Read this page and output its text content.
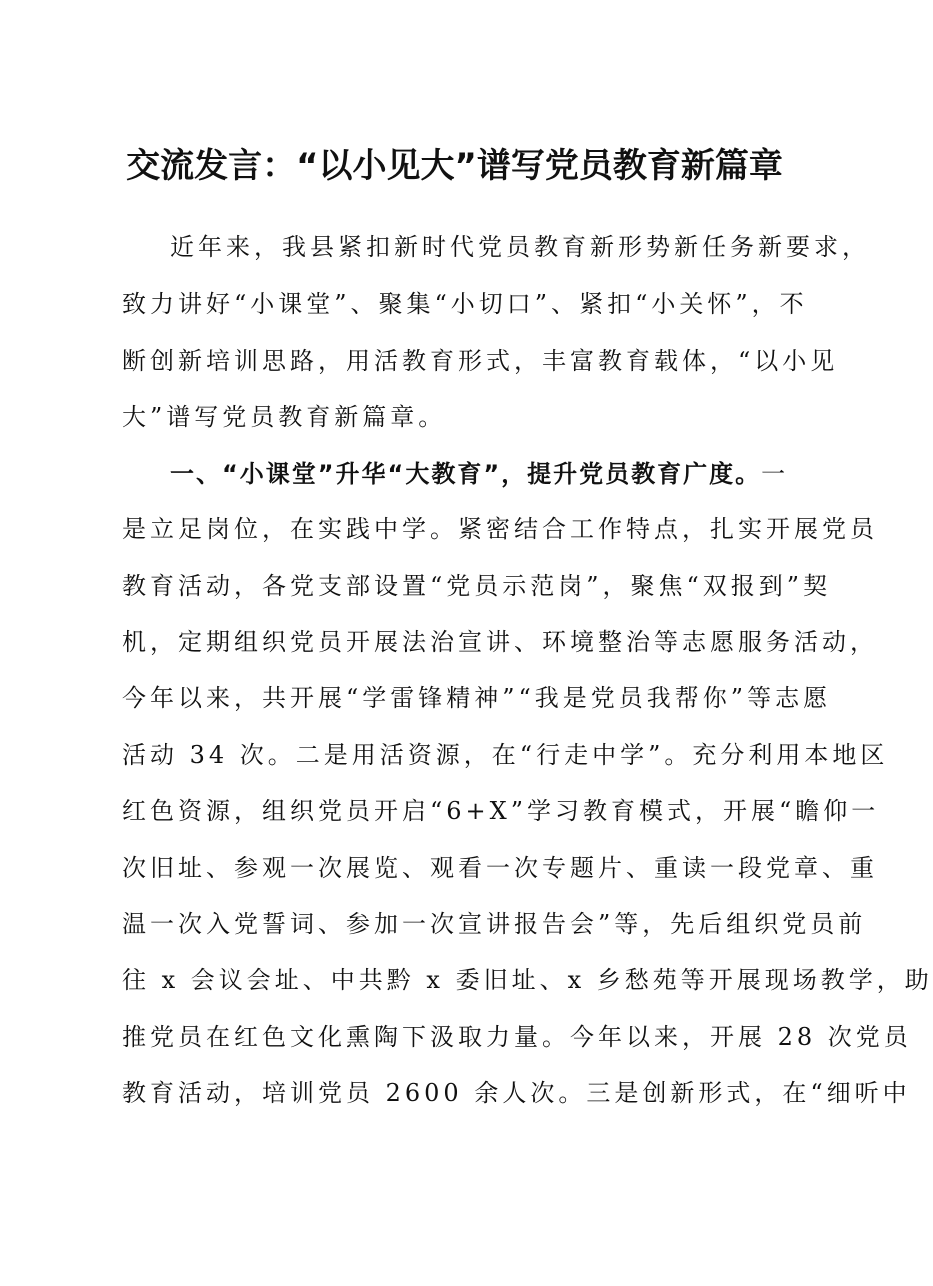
交流发言：“以小见大”谱写党员教育新篇章
近年来，我县紧扣新时代党员教育新形势新任务新要求，
致力讲好“小课堂”、聚集“小切口”、紧扣“小关怀”，不
断创新培训思路，用活教育形式，丰富教育载体，“以小见
大”谱写党员教育新篇章。
一、“小课堂”升华“大教育”，提升党员教育广度。一
是立足岗位，在实践中学。紧密结合工作特点，扎实开展党员
教育活动，各党支部设置“党员示范岗”，聚焦“双报到”契
机，定期组织党员开展法治宣讲、环境整治等志愿服务活动，
今年以来，共开展“学雷锋精神”“我是党员我帮你”等志愿
活动 34 次。二是用活资源，在“行走中学”。充分利用本地区
红色资源，组织党员开启“6+X”学习教育模式，开展“瞻仰一
次旧址、参观一次展览、观看一次专题片、重读一段党章、重
温一次入党誓词、参加一次宣讲报告会”等，先后组织党员前
往 x 会议会址、中共黔 x 委旧址、x 乡愁苑等开展现场教学，助
推党员在红色文化熏陶下汲取力量。今年以来，开展 28 次党员
教育活动，培训党员 2600 余人次。三是创新形式，在“细听中
